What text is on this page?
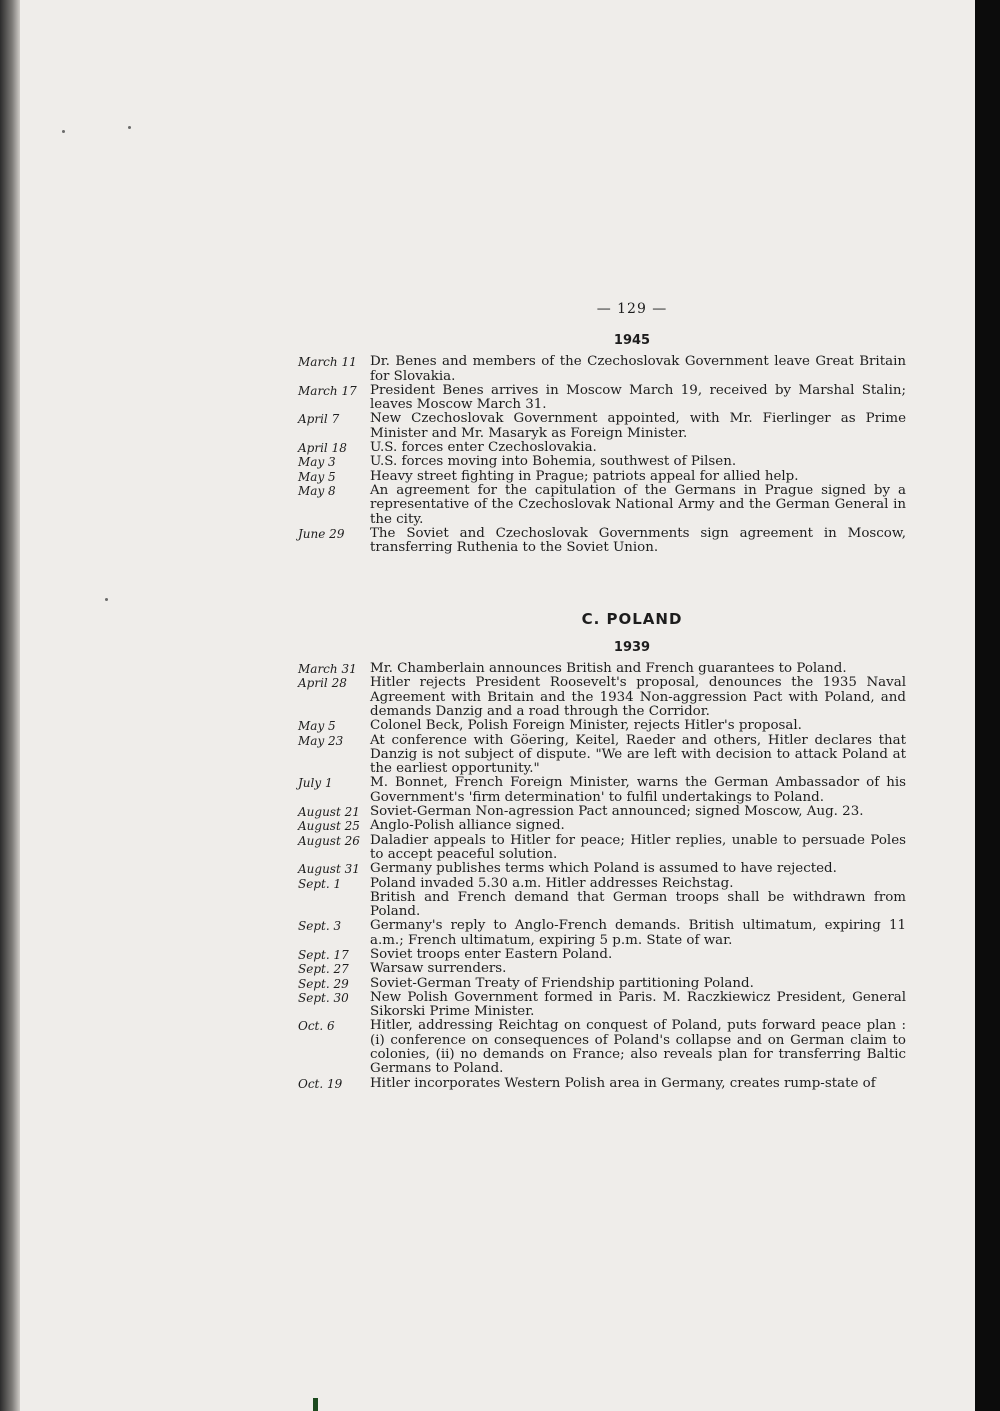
— 129 —
1945
March 11 Dr. Benes and members of the Czechoslovak Government leave Great Britain for Slovakia.
March 17 President Benes arrives in Moscow March 19, received by Marshal Stalin; leaves Moscow March 31.
April 7	New Czechoslovak Government appointed, with Mr. Fierlinger as Prime Minister and Mr. Masaryk as Foreign Minister.
April 18	U.S. forces enter Czechoslovakia.
May 3	U.S. forces moving into Bohemia, southwest of Pilsen.
May 5	Heavy street fighting in Prague; patriots appeal for allied help.
May 8	An agreement for the capitulation of the Germans in Prague signed by a representative of the Czechoslovak National Army and the German General in the city.
June 29	The Soviet and Czechoslovak Governments sign agreement in Moscow, transferring Ruthenia to the Soviet Union.
C. POLAND
1939
March 31 Mr. Chamberlain announces British and French guarantees to Poland.
April 28	Hitler rejects President Roosevelt's proposal, denounces the 1935 Naval Agreement with Britain and the 1934 Non-aggression Pact with Poland, and demands Danzig and a road through the Corridor.
May 5	Colonel Beck, Polish Foreign Minister, rejects Hitler's proposal.
May 23	At conference with Göering, Keitel, Raeder and others, Hitler declares that Danzig is not subject of dispute. "We are left with decision to attack Poland at the earliest opportunity."
July 1	M. Bonnet, French Foreign Minister, warns the German Ambassador of his Government's 'firm determination' to fulfil undertakings to Poland.
August 21 Soviet-German Non-agression Pact announced; signed Moscow, Aug. 23.
August 25 Anglo-Polish alliance signed.
August 26 Daladier appeals to Hitler for peace; Hitler replies, unable to persuade Poles to accept peaceful solution.
August 31 Germany publishes terms which Poland is assumed to have rejected.
Sept. 1	Poland invaded 5.30 a.m. Hitler addresses Reichstag.
British and French demand that German troops shall be withdrawn from Poland.
Sept. 3	Germany's reply to Anglo-French demands. British ultimatum, expiring 11 a.m.; French ultimatum, expiring 5 p.m. State of war.
Sept. 17	Soviet troops enter Eastern Poland.
Sept. 27	Warsaw surrenders.
Sept. 29	Soviet-German Treaty of Friendship partitioning Poland.
Sept. 30	New Polish Government formed in Paris. M. Raczkiewicz President, General Sikorski Prime Minister.
Oct. 6	Hitler, addressing Reichtag on conquest of Poland, puts forward peace plan : (i) conference on consequences of Poland's collapse and on German claim to colonies, (ii) no demands on France; also reveals plan for transferring Baltic Germans to Poland.
Oct. 19	Hitler incorporates Western Polish area in Germany, creates rump-state of
